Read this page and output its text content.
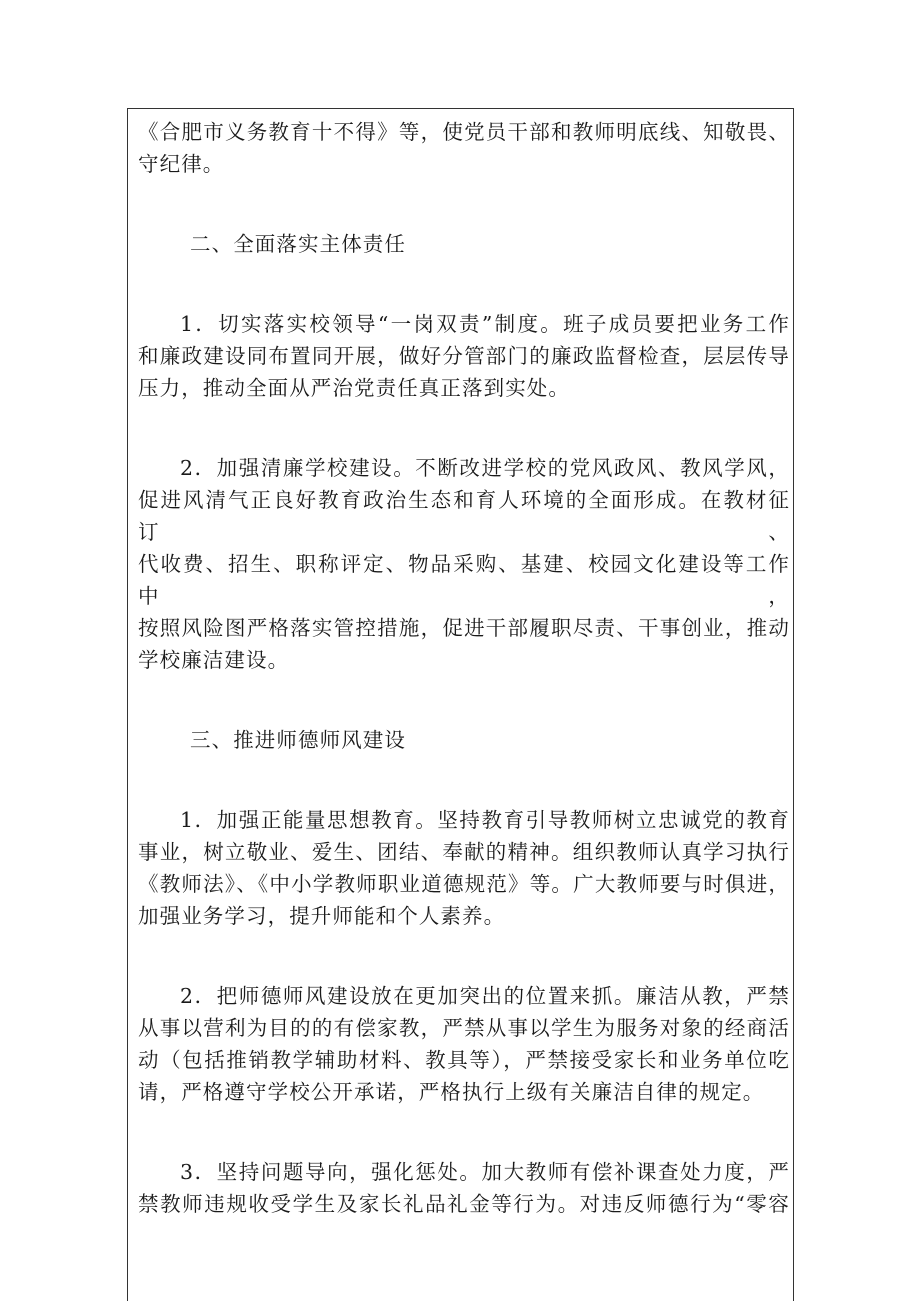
《合肥市义务教育十不得》等，使党员干部和教师明底线、知敬畏、

守纪律。

二、全面落实主体责任

1．切实落实校领导“一岗双责”制度。班子成员要把业务工作

和廉政建设同布置同开展，做好分管部门的廉政监督检查，层层传导

压力，推动全面从严治党责任真正落到实处。

2．加强清廉学校建设。不断改进学校的党风政风、教风学风，

促进风清气正良好教育政治生态和育人环境的全面形成。在教材征订、

代收费、招生、职称评定、物品采购、基建、校园文化建设等工作中，

按照风险图严格落实管控措施，促进干部履职尽责、干事创业，推动

学校廉洁建设。

三、推进师德师风建设

1．加强正能量思想教育。坚持教育引导教师树立忠诚党的教育

事业，树立敬业、爱生、团结、奉献的精神。组织教师认真学习执行

《教师法》、《中小学教师职业道德规范》等。广大教师要与时俱进，

加强业务学习，提升师能和个人素养。

2．把师德师风建设放在更加突出的位置来抓。廉洁从教，严禁

从事以营利为目的的有偿家教，严禁从事以学生为服务对象的经商活

动（包括推销教学辅助材料、教具等），严禁接受家长和业务单位吃

请，严格遵守学校公开承诺，严格执行上级有关廉洁自律的规定。

3．坚持问题导向，强化惩处。加大教师有偿补课查处力度，严

禁教师违规收受学生及家长礼品礼金等行为。对违反师德行为“零容
